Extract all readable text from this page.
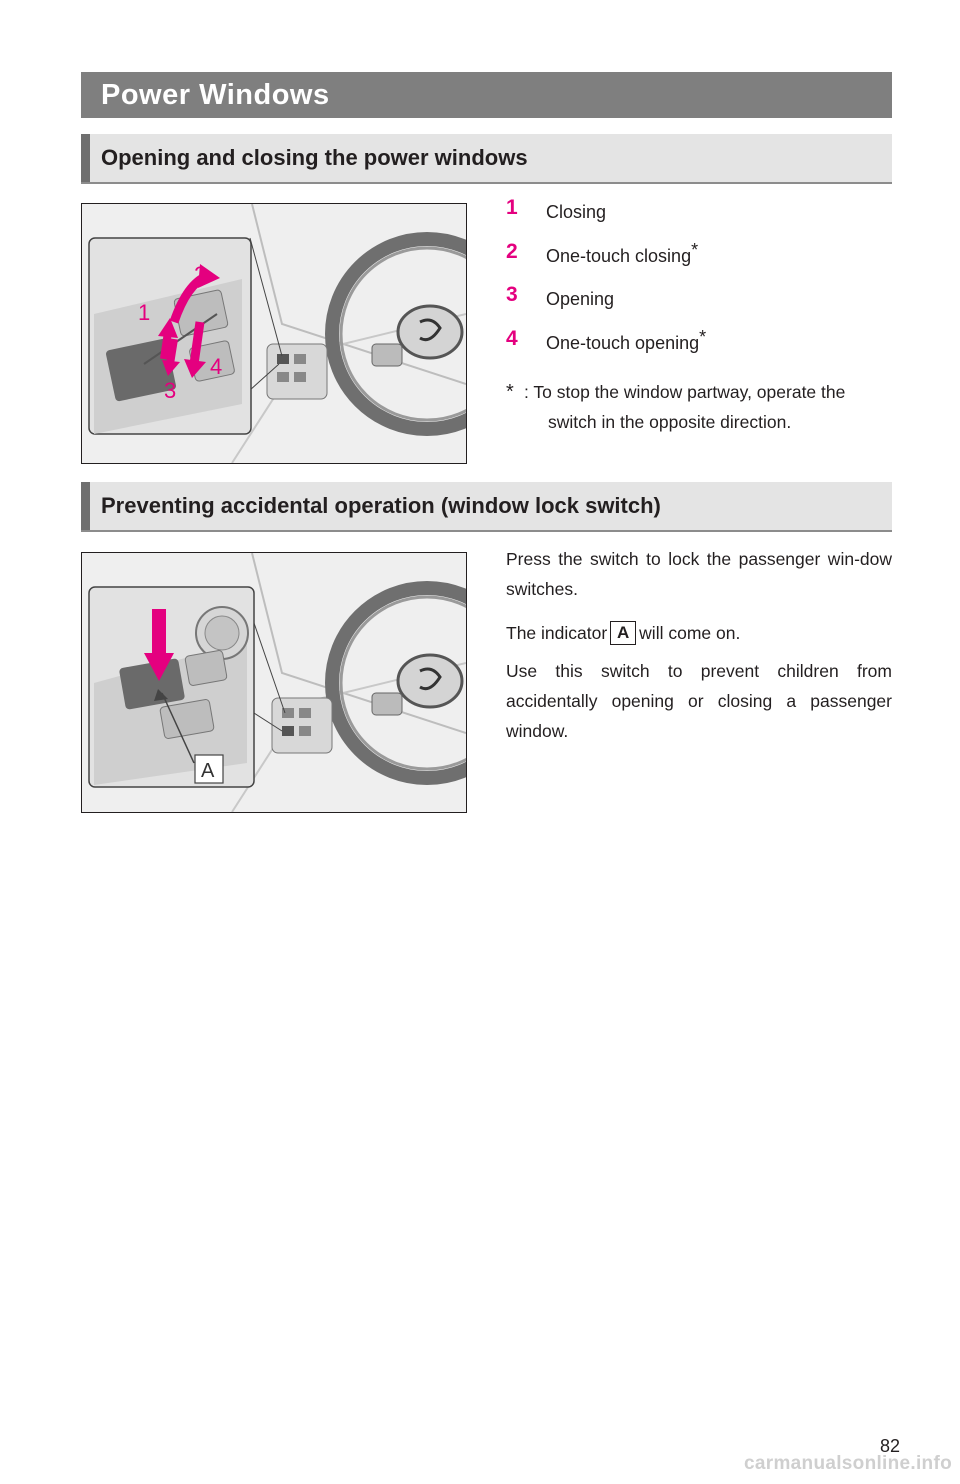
Power Windows
Opening and closing the power windows
1
2
3
4
1 Closing
2 One-touch closing*
3 Opening
4 One-touch opening*
* : To stop the window partway, operate the switch in the opposite direction.
Preventing accidental operation (window lock switch)
A
Press the switch to lock the passenger win-dow switches.
The indicator A will come on.
Use this switch to prevent children from accidentally opening or closing a passenger window.
82
carmanualsonline.info
